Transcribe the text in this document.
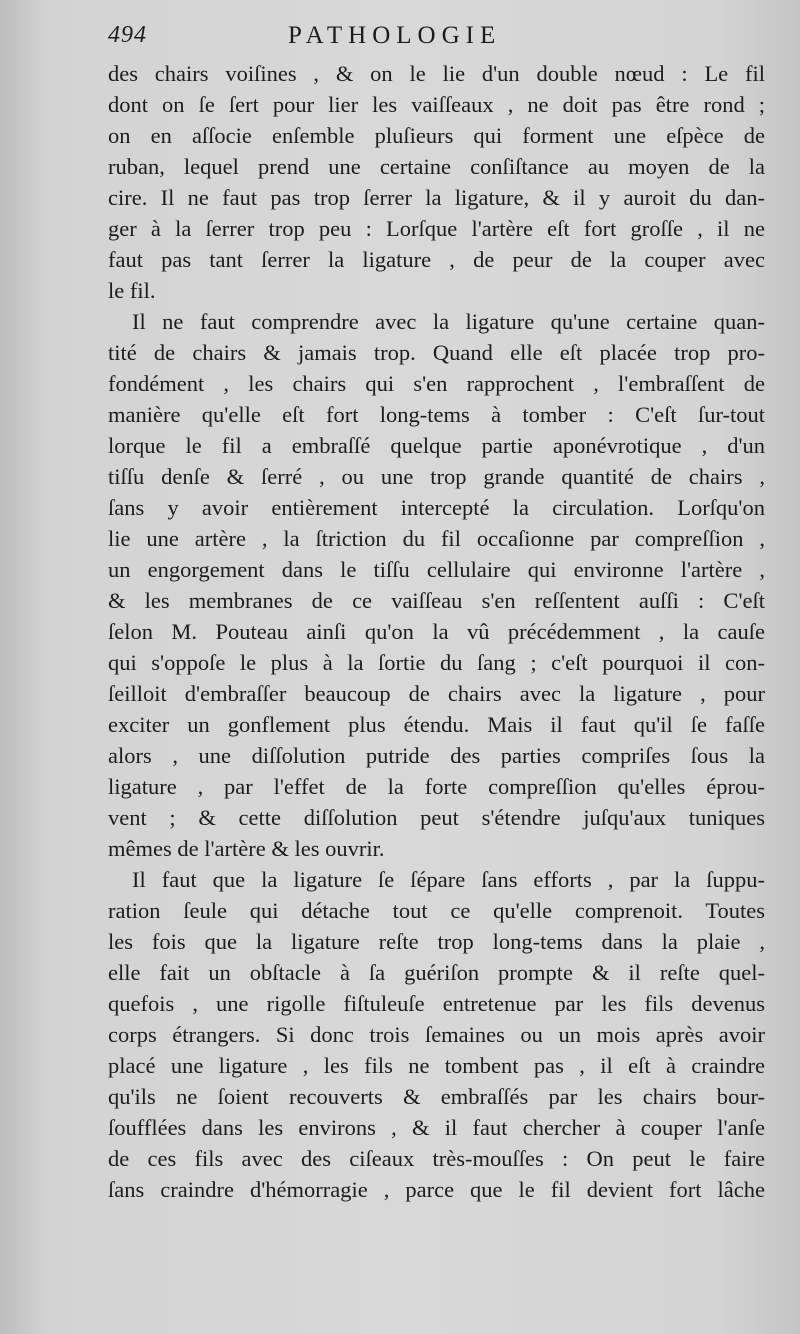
494	PATHOLOGIE
des chairs voiſines , & on le lie d'un double nœud : Le fil
dont on ſe ſert pour lier les vaiſſeaux , ne doit pas être rond ;
on en aſſocie enſemble pluſieurs qui forment une eſpèce de
ruban, lequel prend une certaine conſiſtance au moyen de la
cire. Il ne faut pas trop ſerrer la ligature, & il y auroit du dan-
ger à la ſerrer trop peu : Lorſque l'artère eſt fort groſſe , il ne
faut pas tant ſerrer la ligature , de peur de la couper avec
le fil.
Il ne faut comprendre avec la ligature qu'une certaine quan-
tité de chairs & jamais trop. Quand elle eſt placée trop pro-
fondément , les chairs qui s'en rapprochent , l'embraſſent de
manière qu'elle eſt fort long-tems à tomber : C'eſt ſur-tout
lorque le fil a embraſſé quelque partie aponévrotique , d'un
tiſſu denſe & ſerré , ou une trop grande quantité de chairs ,
ſans y avoir entièrement intercepté la circulation. Lorſqu'on
lie une artère , la ſtriction du fil occaſionne par compreſſion ,
un engorgement dans le tiſſu cellulaire qui environne l'artère ,
& les membranes de ce vaiſſeau s'en reſſentent auſſi : C'eſt
ſelon M. Pouteau ainſi qu'on la vû précédemment , la cauſe
qui s'oppoſe le plus à la ſortie du ſang ; c'eſt pourquoi il con-
ſeilloit d'embraſſer beaucoup de chairs avec la ligature , pour
exciter un gonflement plus étendu. Mais il faut qu'il ſe faſſe
alors , une diſſolution putride des parties compriſes ſous la
ligature , par l'effet de la forte compreſſion qu'elles éprou-
vent ; & cette diſſolution peut s'étendre juſqu'aux tuniques
mêmes de l'artère & les ouvrir.
Il faut que la ligature ſe ſépare ſans efforts , par la ſuppu-
ration ſeule qui détache tout ce qu'elle comprenoit. Toutes
les fois que la ligature reſte trop long-tems dans la plaie ,
elle fait un obſtacle à ſa guériſon prompte & il reſte quel-
quefois , une rigolle fiſtuleuſe entretenue par les fils devenus
corps étrangers. Si donc trois ſemaines ou un mois après avoir
placé une ligature , les fils ne tombent pas , il eſt à craindre
qu'ils ne ſoient recouverts & embraſſés par les chairs bour-
ſoufflées dans les environs , & il faut chercher à couper l'anſe
de ces fils avec des ciſeaux très-mouſſes : On peut le faire
ſans craindre d'hémorragie , parce que le fil devient fort lâche
